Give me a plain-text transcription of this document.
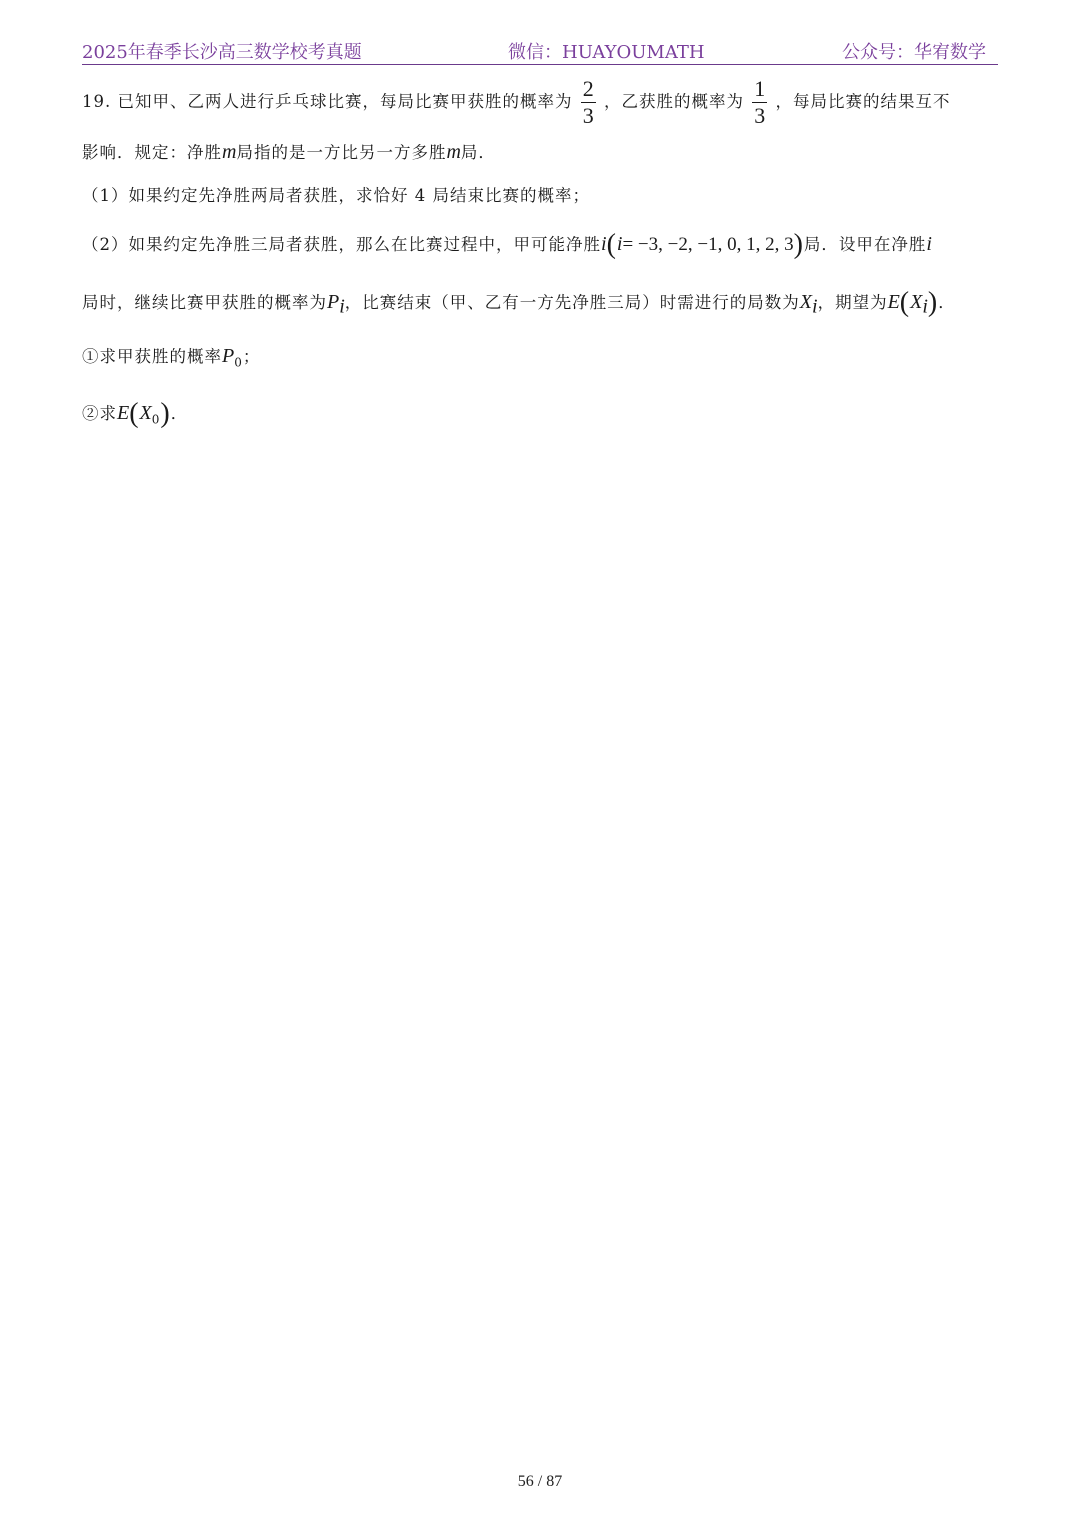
2025年春季长沙高三数学校考真题	微信：HUAYOUMATH	公众号：华宥数学
19. 已知甲、乙两人进行乒乓球比赛，每局比赛甲获胜的概率为 $\frac{2}{3}$ ，乙获胜的概率为 $\frac{1}{3}$ ，每局比赛的结果互不
影响．规定：净胜m局指的是一方比另一方多胜m局．
（1）如果约定先净胜两局者获胜，求恰好 4 局结束比赛的概率；
（2）如果约定先净胜三局者获胜，那么在比赛过程中，甲可能净胜i(i= −3, −2, −1, 0, 1, 2, 3)局．设甲在净胜i
局时，继续比赛甲获胜的概率为$P_i$，比赛结束（甲、乙有一方先净胜三局）时需进行的局数为$X_i$，期望为$E(X_i)$．
①求甲获胜的概率$P_0$；
②求$E(X_0)$．
56 / 87
